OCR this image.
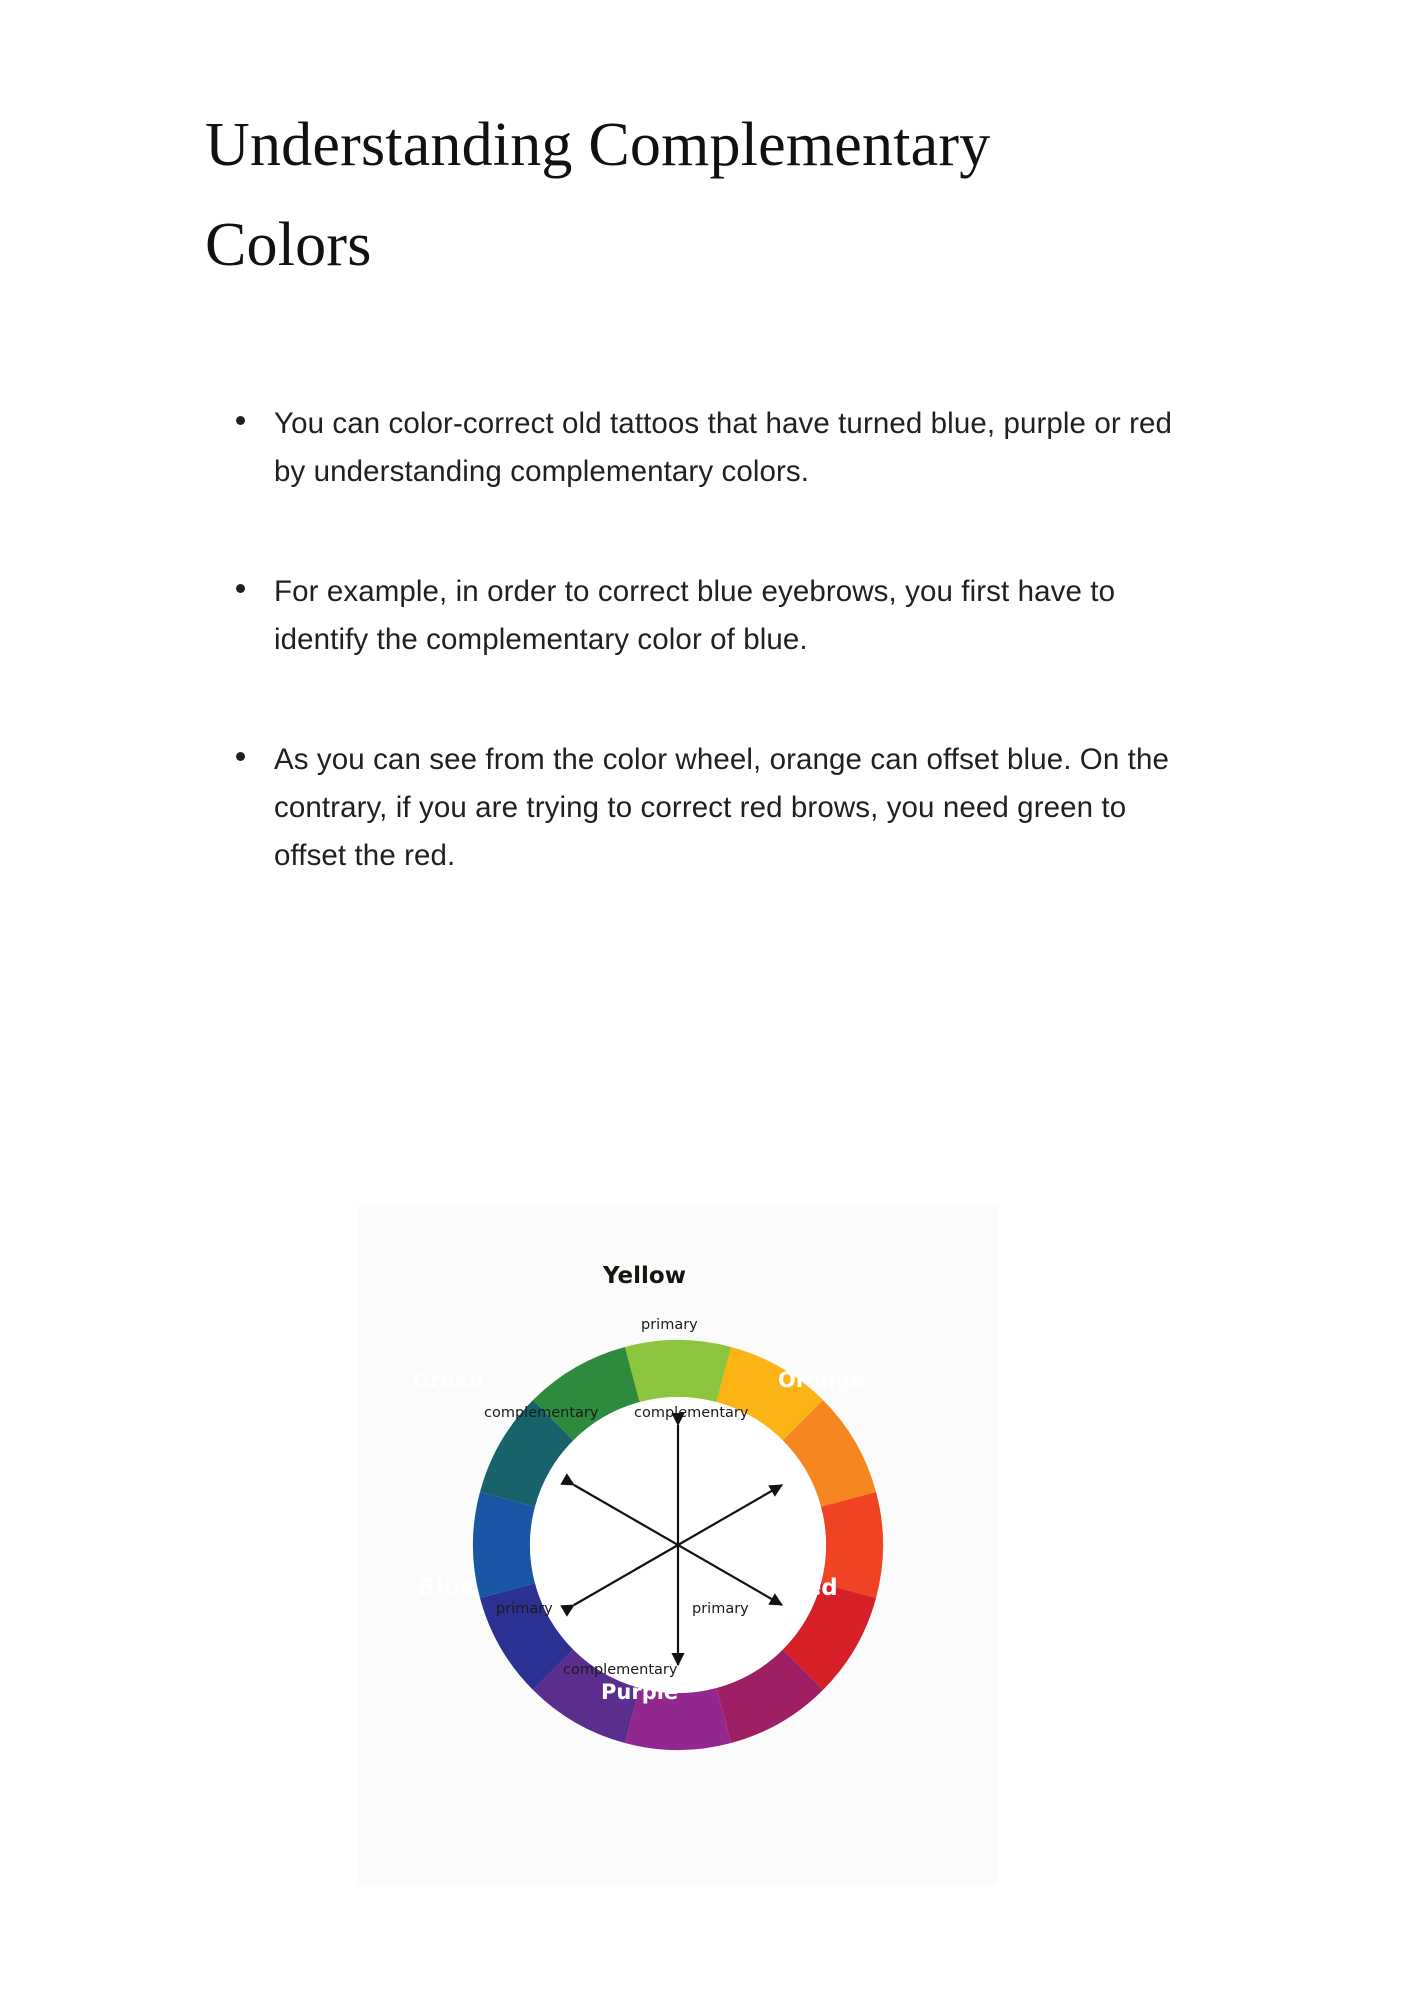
Understanding Complementary Colors
You can color-correct old tattoos that have turned blue, purple or red by understanding complementary colors.
For example, in order to correct blue eyebrows, you first have to identify the complementary color of blue.
As you can see from the color wheel, orange can offset blue. On the contrary, if you are trying to correct red brows, you need green to offset the red.
Yellow
Orange
Red
Purple
Blue
Green
primary
complementary complementary
primary	primary
complementary
